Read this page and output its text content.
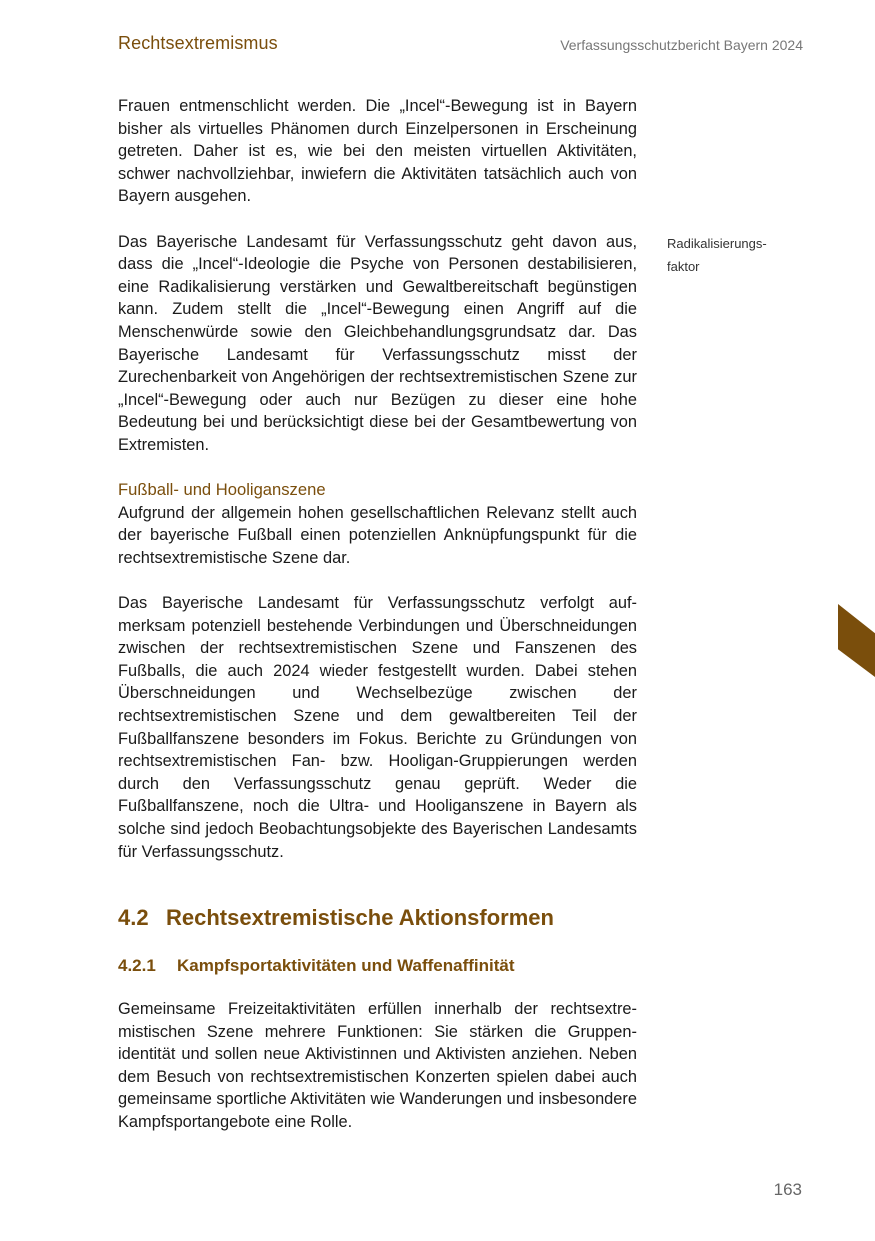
Rechtsextremismus	Verfassungsschutzbericht Bayern 2024

Frauen entmenschlicht werden. Die „Incel“-Bewegung ist in Bayern bisher als virtuelles Phänomen durch Einzelpersonen in Erscheinung getreten. Daher ist es, wie bei den meisten virtuellen Aktivitäten, schwer nachvollziehbar, inwiefern die Aktivitäten tatsächlich auch von Bayern ausgehen.

Das Bayerische Landesamt für Verfassungsschutz geht davon aus, dass die „Incel“-Ideologie die Psyche von Personen destabilisieren, eine Radikalisierung verstärken und Gewaltbereitschaft begünstigen kann. Zudem stellt die „Incel“-Bewegung einen Angriff auf die Menschenwürde sowie den Gleichbehandlungsgrundsatz dar. Das Bayerische Landesamt für Verfassungsschutz misst der Zurechenbarkeit von Angehörigen der rechtsextremistischen Szene zur „Incel“-Bewegung oder auch nur Bezügen zu dieser eine hohe Bedeutung bei und berücksichtigt diese bei der Gesamtbewertung von Extremisten.

Fußball- und Hooliganszene

Aufgrund der allgemein hohen gesellschaftlichen Relevanz stellt auch der bayerische Fußball einen potenziellen Anknüpfungspunkt für die rechtsextremistische Szene dar.

Das Bayerische Landesamt für Verfassungsschutz verfolgt aufmerksam potenziell bestehende Verbindungen und Überschneidungen zwischen der rechtsextremistischen Szene und Fanszenen des Fußballs, die auch 2024 wieder festgestellt wurden. Dabei stehen Überschneidungen und Wechselbezüge zwischen der rechtsextremistischen Szene und dem gewaltbereiten Teil der Fußballfanszene besonders im Fokus. Berichte zu Gründungen von rechtsextremistischen Fan- bzw. Hooligan-Gruppierungen werden durch den Verfassungsschutz genau geprüft. Weder die Fußballfanszene, noch die Ultra- und Hooliganszene in Bayern als solche sind jedoch Beobachtungsobjekte des Bayerischen Landesamts für Verfassungsschutz.

Radikalisierungs-
faktor
4.2 Rechtsextremistische Aktionsformen
4.2.1 Kampfsportaktivitäten und Waffenaffinität

Gemeinsame Freizeitaktivitäten erfüllen innerhalb der rechtsextremistischen Szene mehrere Funktionen: Sie stärken die Gruppenidentität und sollen neue Aktivistinnen und Aktivisten anziehen. Neben dem Besuch von rechtsextremistischen Konzerten spielen dabei auch gemeinsame sportliche Aktivitäten wie Wanderungen und insbesondere Kampfsportangebote eine Rolle.

163
